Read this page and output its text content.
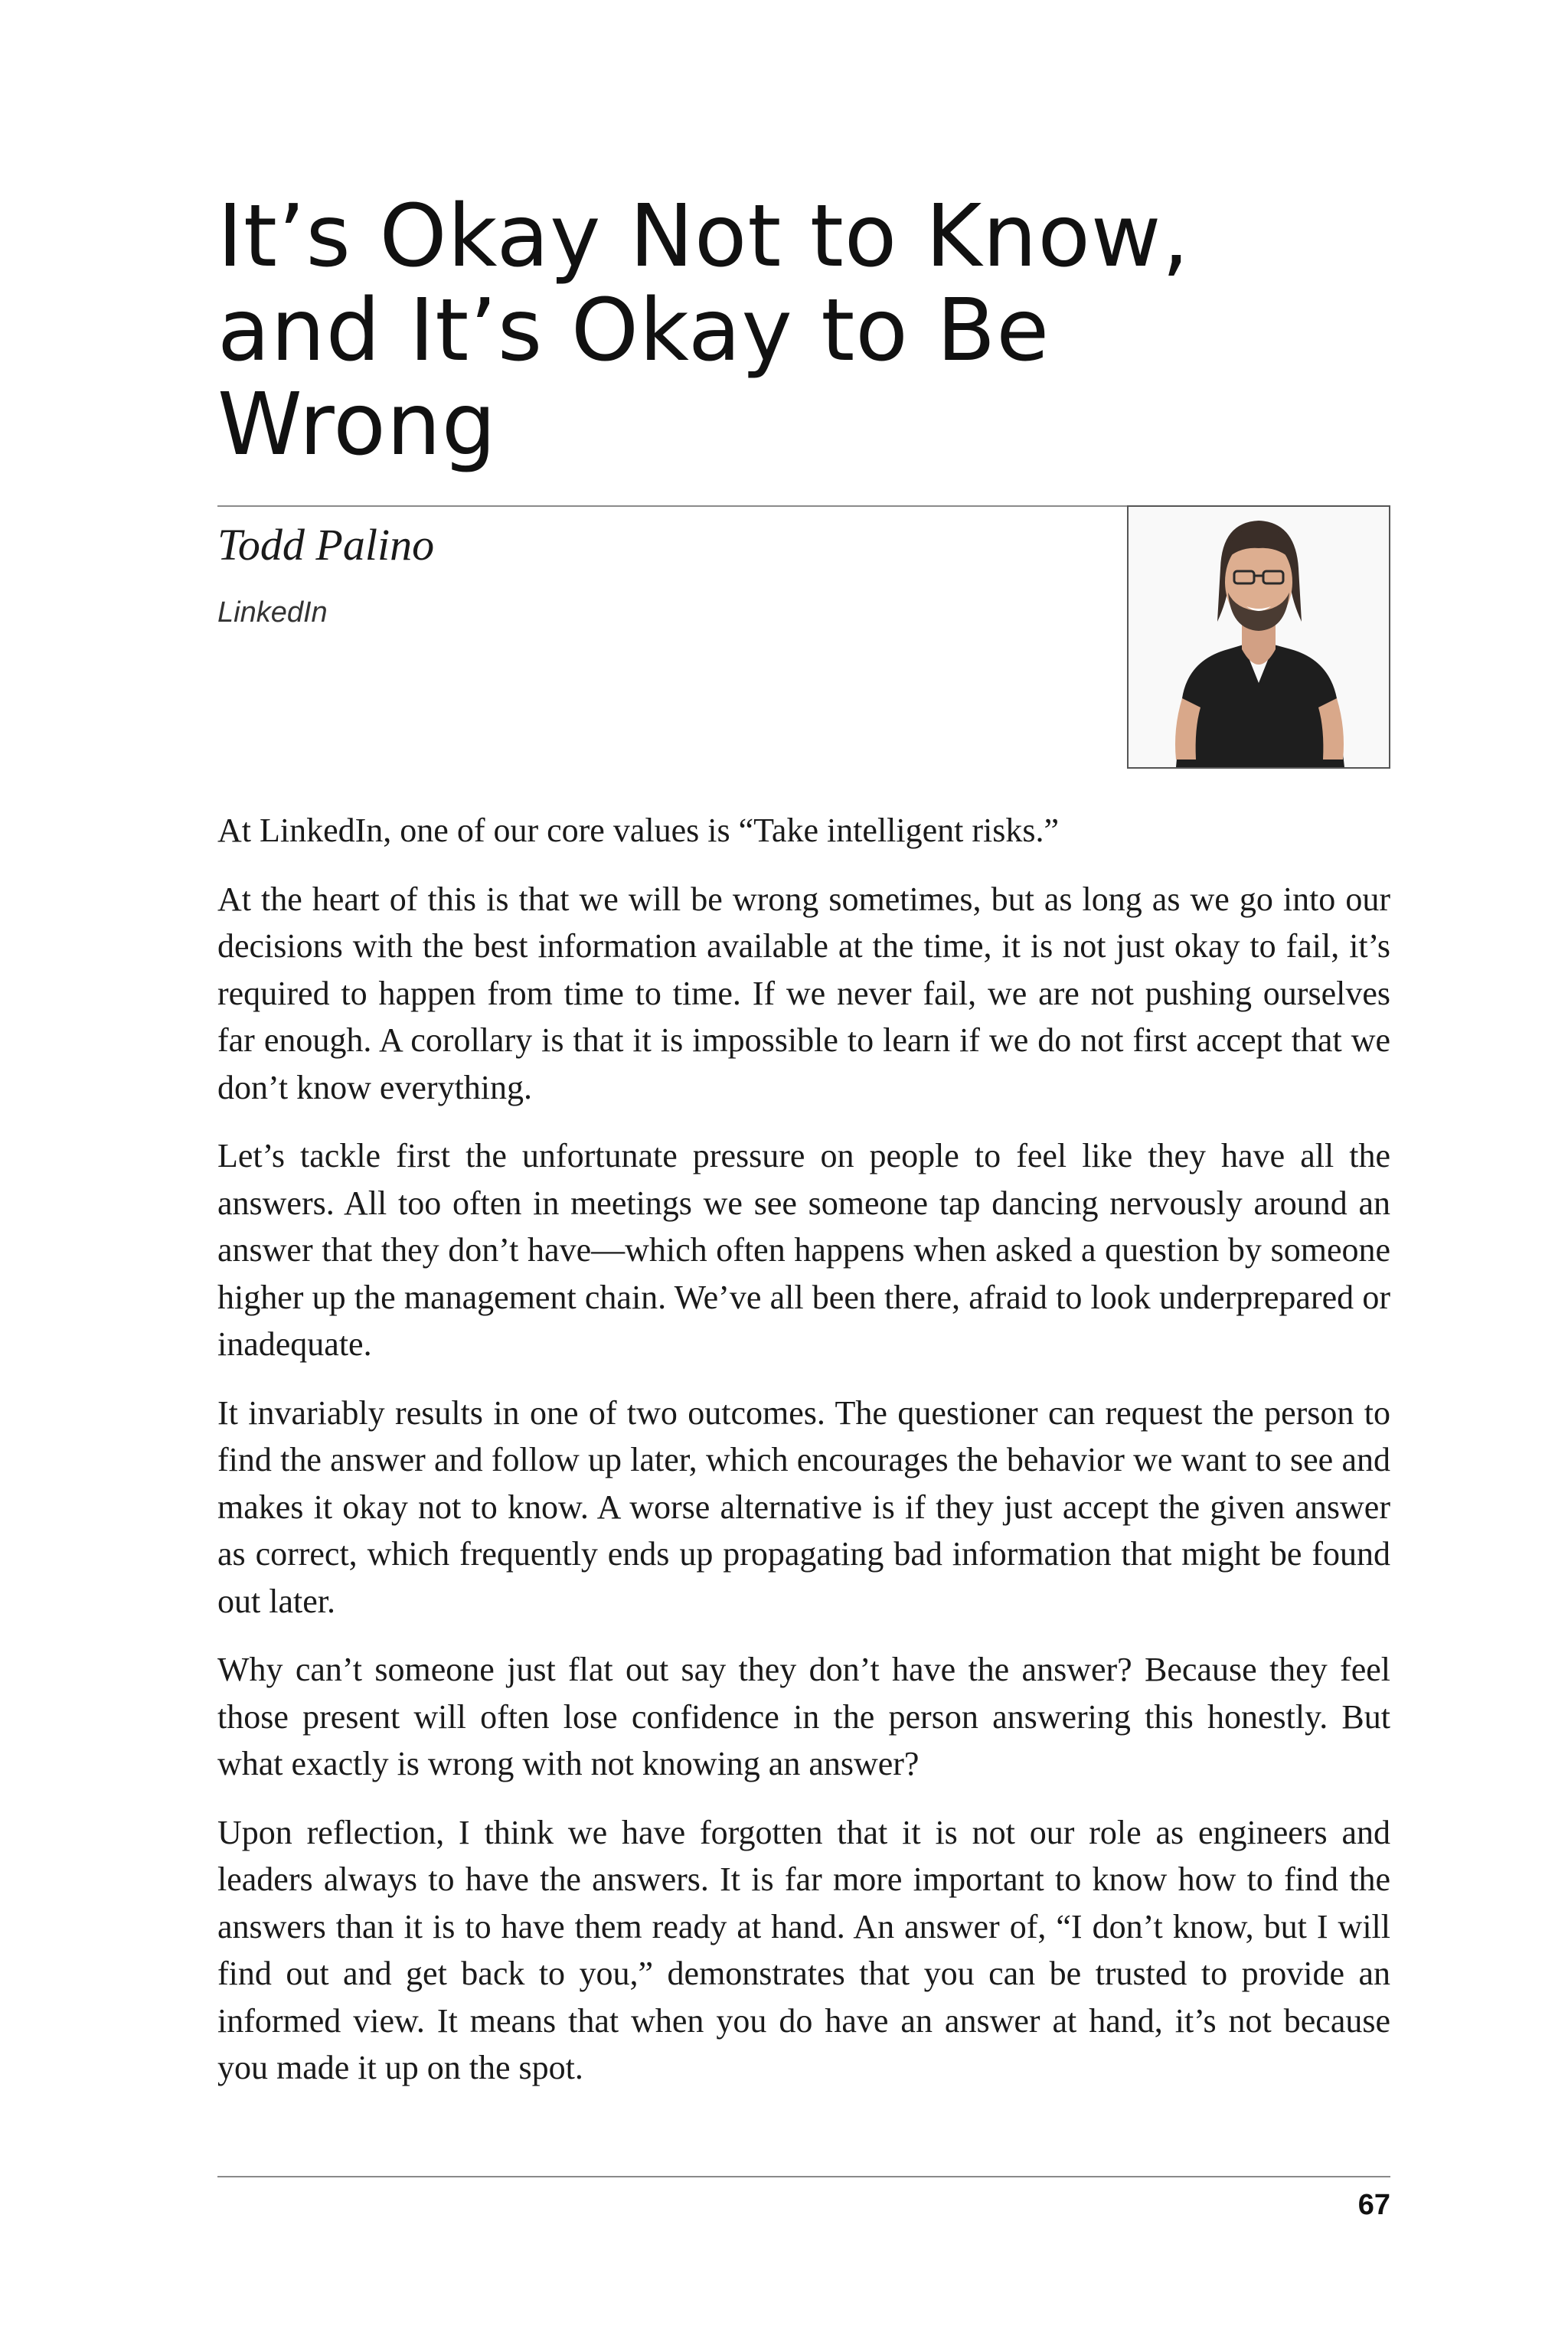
It’s Okay Not to Know,
and It’s Okay to Be
Wrong
Todd Palino
LinkedIn

At LinkedIn, one of our core values is “Take intelligent risks.”

At the heart of this is that we will be wrong sometimes, but as long as we go into our decisions with the best information available at the time, it is not just okay to fail, it’s required to happen from time to time. If we never fail, we are not pushing ourselves far enough. A corollary is that it is impossible to learn if we do not first accept that we don’t know everything.

Let’s tackle first the unfortunate pressure on people to feel like they have all the answers. All too often in meetings we see someone tap dancing nervously around an answer that they don’t have—which often happens when asked a question by someone higher up the management chain. We’ve all been there, afraid to look underprepared or inadequate.

It invariably results in one of two outcomes. The questioner can request the person to find the answer and follow up later, which encourages the behavior we want to see and makes it okay not to know. A worse alternative is if they just accept the given answer as correct, which frequently ends up propagating bad information that might be found out later.

Why can’t someone just flat out say they don’t have the answer? Because they feel those present will often lose confidence in the person answering this honestly. But what exactly is wrong with not knowing an answer?

Upon reflection, I think we have forgotten that it is not our role as engineers and leaders always to have the answers. It is far more important to know how to find the answers than it is to have them ready at hand. An answer of, “I don’t know, but I will find out and get back to you,” demonstrates that you can be trusted to provide an informed view. It means that when you do have an answer at hand, it’s not because you made it up on the spot.

67
